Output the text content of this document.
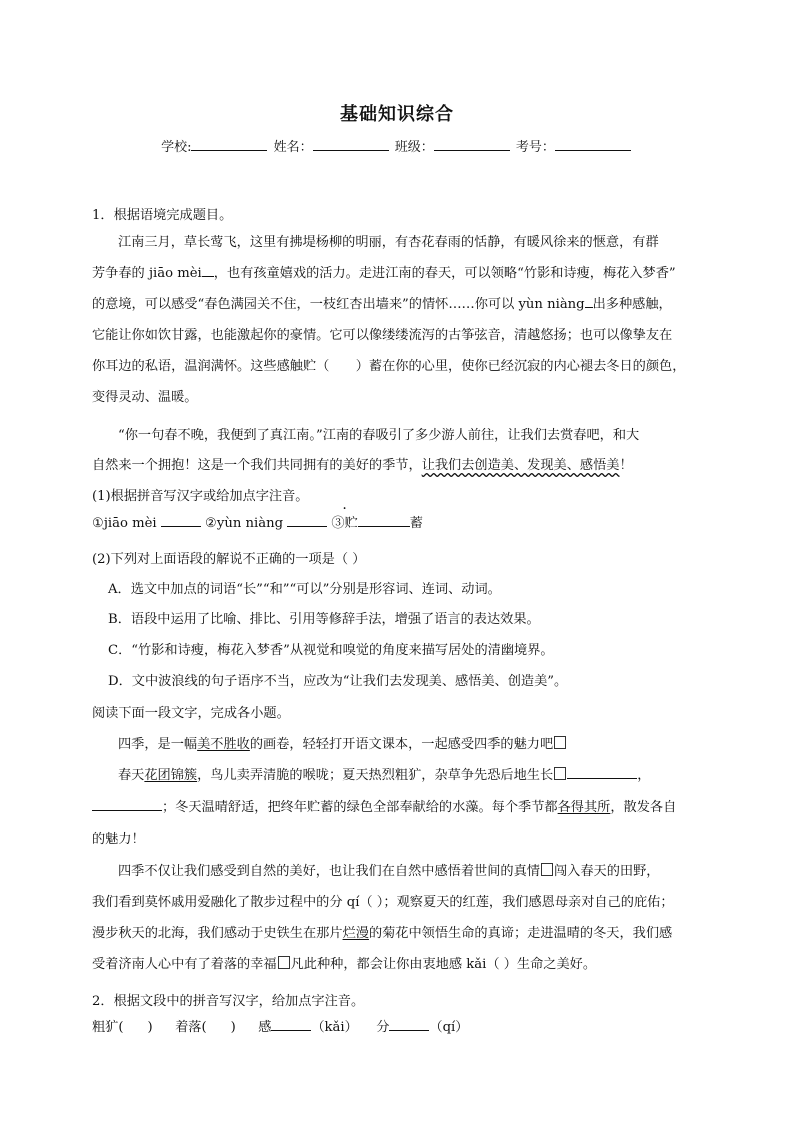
基础知识综合
学校:	姓名：	班级：	考号：
1．根据语境完成题目。
江南三月，草长莺飞，这里有拂堤杨柳的明丽，有杏花春雨的恬静，有暖风徐来的惬意，有群
芳争春的 jiāo mèi ，也有孩童嬉戏的活力。走进江南的春天，可以领略“竹影和诗瘦，梅花入梦香”
的意境，可以感受“春色满园关不住，一枝红杏出墙来”的情怀……你可以 yùn niàng 出多种感触，
它能让你如饮甘露，也能激起你的豪情。它可以像缕缕流泻的古筝弦音，清越悠扬；也可以像挚友在
你耳边的私语，温润满怀。这些感触贮（　　）蓄在你的心里，使你已经沉寂的内心褪去冬日的颜色，
变得灵动、温暖。
“你一句春不晚，我便到了真江南。”江南的春吸引了多少游人前往，让我们去赏春吧，和大
自然来一个拥抱！这是一个我们共同拥有的美好的季节，让我们去创造美、发现美、感悟美！
(1)根据拼音写汉字或给加点字注音。
①jiāo mèi	②yùn niàng  ·	③贮	蓄
(2)下列对上面语段的解说不正确的一项是（ ）
A．选文中加点的词语“长”“和”“可以”分别是形容词、连词、动词。
B．语段中运用了比喻、排比、引用等修辞手法，增强了语言的表达效果。
C．“竹影和诗瘦，梅花入梦香”从视觉和嗅觉的角度来描写居处的清幽境界。
D．文中波浪线的句子语序不当，应改为“让我们去发现美、感悟美、创造美”。
阅读下面一段文字，完成各小题。
四季，是一幅美不胜收的画卷，轻轻打开语文课本，一起感受四季的魅力吧
春天花团锦簇，鸟儿卖弄清脆的喉咙；夏天热烈粗犷，杂草争先恐后地生长	，
；冬天温晴舒适，把终年贮蓄的绿色全部奉献给的水藻。每个季节都各得其所，散发各自
的魅力！
四季不仅让我们感受到自然的美好，也让我们在自然中感悟着世间的真情 闯入春天的田野，
我们看到莫怀戚用爱融化了散步过程中的分 qí（ ）；观察夏天的红莲，我们感恩母亲对自己的庇佑；
漫步秋天的北海，我们感动于史铁生在那片烂漫的菊花中领悟生命的真谛；走进温晴的冬天，我们感
受着济南人心中有了着落的幸福 凡此种种，都会让你由衷地感 kǎi（ ）生命之美好。
2．根据文段中的拼音写汉字，给加点字注音。
粗犷( ) 着落( ) 感	（kǎi） 分	（qí）
